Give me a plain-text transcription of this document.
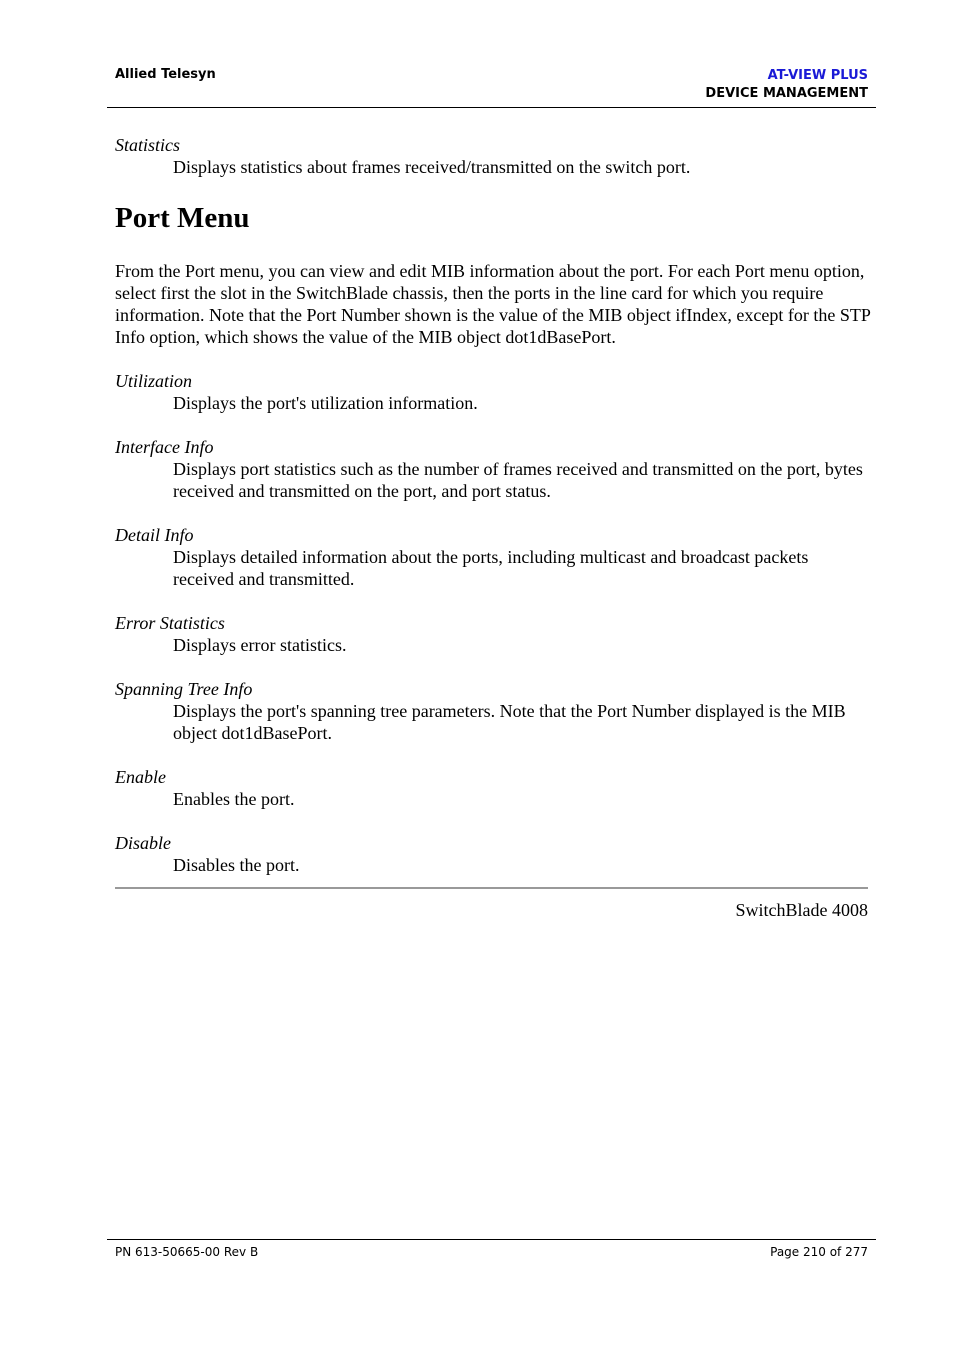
Allied Telesyn	AT-VIEW PLUS
DEVICE MANAGEMENT

Statistics

Displays statistics about frames received/transmitted on the switch port.

Port Menu

From the Port menu, you can view and edit MIB information about the port. For each Port menu option, select first the slot in the SwitchBlade chassis, then the ports in the line card for which you require information. Note that the Port Number shown is the value of the MIB object ifIndex, except for the STP Info option, which shows the value of the MIB object dot1dBasePort.

Utilization

Displays the port's utilization information.

Interface Info

Displays port statistics such as the number of frames received and transmitted on the port, bytes received and transmitted on the port, and port status.

Detail Info

Displays detailed information about the ports, including multicast and broadcast packets received and transmitted.

Error Statistics

Displays error statistics.

Spanning Tree Info

Displays the port's spanning tree parameters. Note that the Port Number displayed is the MIB object dot1dBasePort.

Enable

Enables the port.

Disable

Disables the port.

SwitchBlade 4008
PN 613-50665-00 Rev B	Page 210 of 277
